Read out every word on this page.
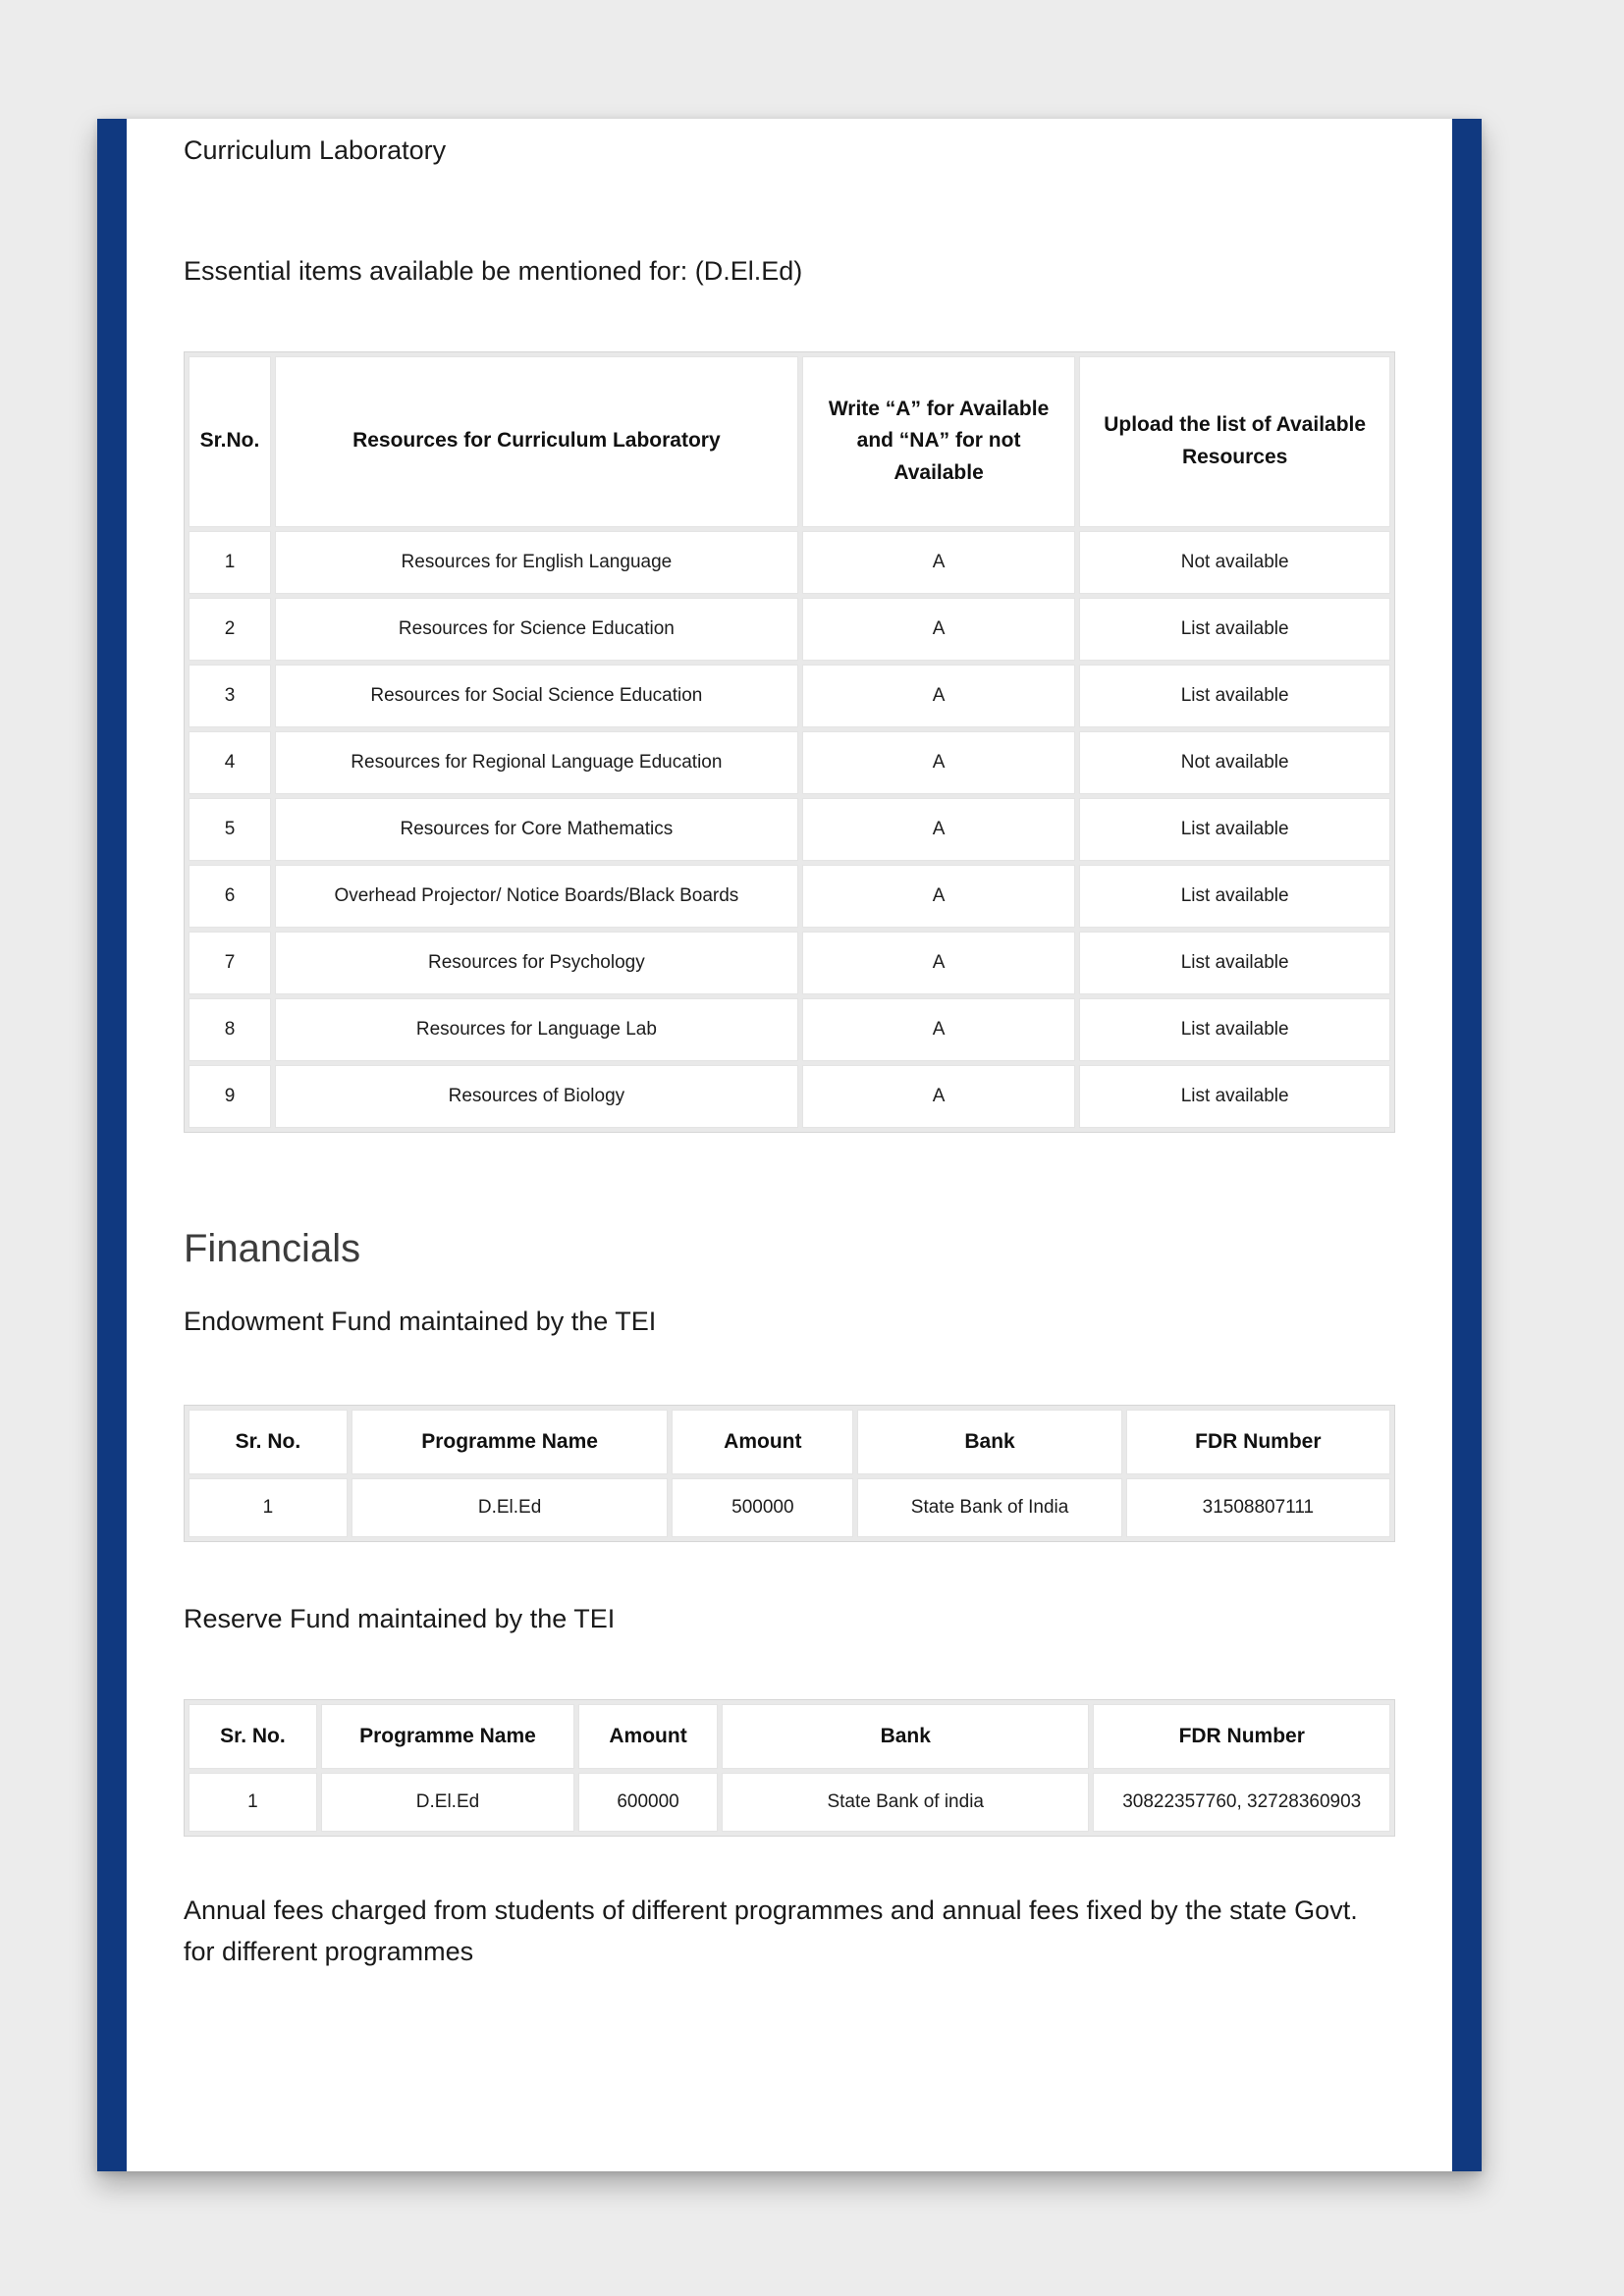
Curriculum Laboratory

Essential items available be mentioned for: (D.El.Ed)

Sr.No.	Resources for Curriculum Laboratory	Write “A” for Available and “NA” for not Available	Upload the list of Available Resources
1	Resources for English Language	A	Not available
2	Resources for Science Education	A	List available
3	Resources for Social Science Education	A	List available
4	Resources for Regional Language Education	A	Not available
5	Resources for Core Mathematics	A	List available
6	Overhead Projector/ Notice Boards/Black Boards	A	List available
7	Resources for Psychology	A	List available
8	Resources for Language Lab	A	List available
9	Resources of Biology	A	List available
Financials

Endowment Fund maintained by the TEI

Sr. No.	Programme Name	Amount	Bank	FDR Number
1	D.El.Ed	500000	State Bank of India	31508807111

Reserve Fund maintained by the TEI

Sr. No.	Programme Name	Amount	Bank	FDR Number
1	D.El.Ed	600000	State Bank of india	30822357760, 32728360903

Annual fees charged from students of different programmes and annual fees fixed by the state Govt. for different programmes
